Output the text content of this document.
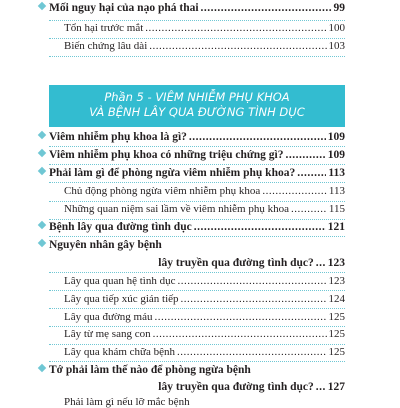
Mối nguy hại của nạo phá thai .....	99
Tổn hại trước mắt .....	100
Biến chứng lâu dài .....	103
Phần 5 - VIÊM NHIỄM PHỤ KHOA
VÀ BỆNH LÂY QUA ĐƯỜNG TÌNH DỤC
Viêm nhiễm phụ khoa là gì? .....	109
Viêm nhiễm phụ khoa có những triệu chứng gì? .....	109
Phải làm gì để phòng ngừa viêm nhiễm phụ khoa? .....	113
Chủ động phòng ngừa viêm nhiễm phụ khoa .....	113
Những quan niệm sai lầm về viêm nhiễm phụ khoa .....	115
Bệnh lây qua đường tình dục .....	121
Nguyên nhân gây bệnh
lây truyền qua đường tình dục? ..... 123
Lây qua quan hệ tình dục .....	123
Lây qua tiếp xúc gián tiếp .....	124
Lây qua đường máu .....	125
Lây từ mẹ sang con .....	125
Lây qua khám chữa bệnh .....	125
Tớ phải làm thế nào để phòng ngừa bệnh
lây truyền qua đường tình dục? ..... 127
Phải làm gì nếu lỡ mắc bệnh
